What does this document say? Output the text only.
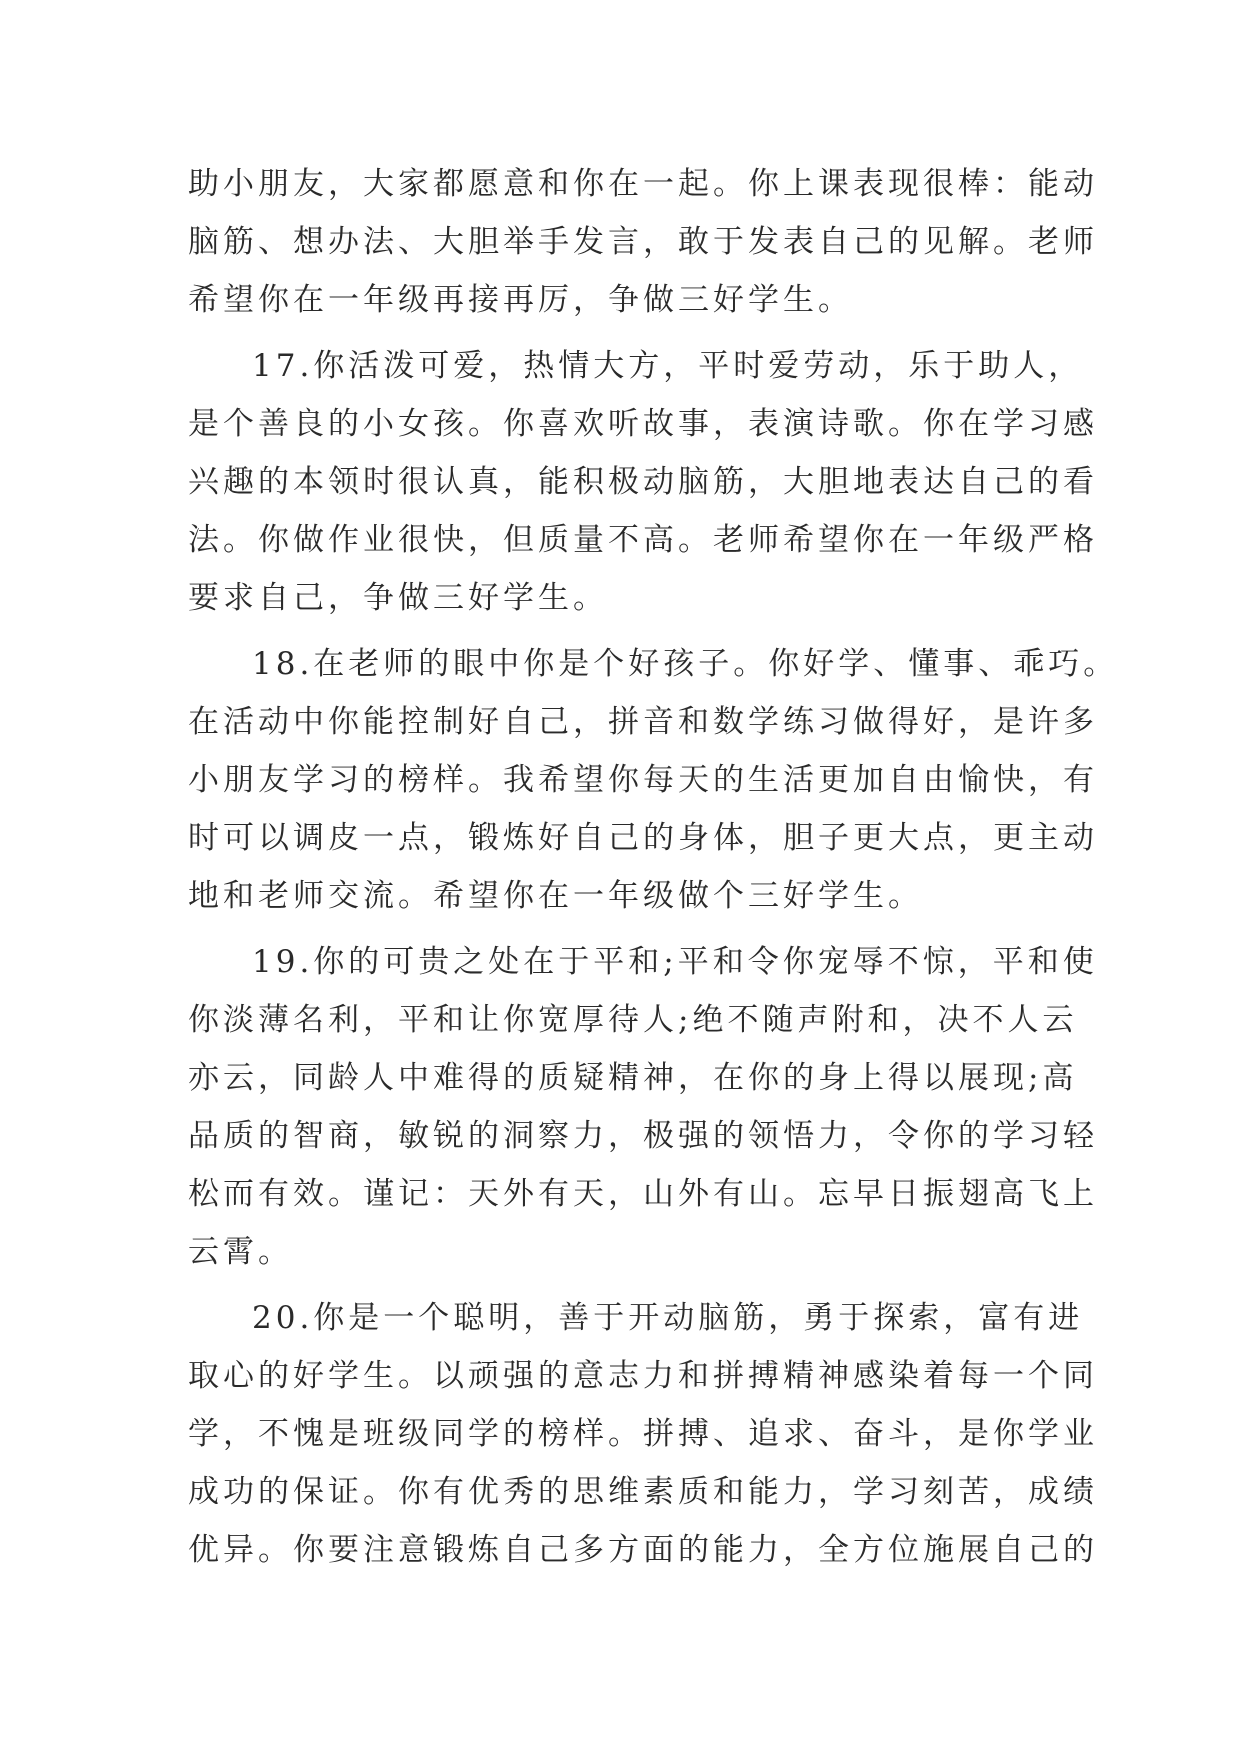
助小朋友，大家都愿意和你在一起。你上课表现很棒：能动
脑筋、想办法、大胆举手发言，敢于发表自己的见解。老师
希望你在一年级再接再厉，争做三好学生。
17.你活泼可爱，热情大方，平时爱劳动，乐于助人，
是个善良的小女孩。你喜欢听故事，表演诗歌。你在学习感
兴趣的本领时很认真，能积极动脑筋，大胆地表达自己的看
法。你做作业很快，但质量不高。老师希望你在一年级严格
要求自己，争做三好学生。
18.在老师的眼中你是个好孩子。你好学、懂事、乖巧。
在活动中你能控制好自己，拼音和数学练习做得好，是许多
小朋友学习的榜样。我希望你每天的生活更加自由愉快，有
时可以调皮一点，锻炼好自己的身体，胆子更大点，更主动
地和老师交流。希望你在一年级做个三好学生。
19.你的可贵之处在于平和;平和令你宠辱不惊，平和使
你淡薄名利，平和让你宽厚待人;绝不随声附和，决不人云
亦云，同龄人中难得的质疑精神，在你的身上得以展现;高
品质的智商，敏锐的洞察力，极强的领悟力，令你的学习轻
松而有效。谨记：天外有天，山外有山。忘早日振翅高飞上
云霄。
20.你是一个聪明，善于开动脑筋，勇于探索，富有进
取心的好学生。以顽强的意志力和拼搏精神感染着每一个同
学，不愧是班级同学的榜样。拼搏、追求、奋斗，是你学业
成功的保证。你有优秀的思维素质和能力，学习刻苦，成绩
优异。你要注意锻炼自己多方面的能力，全方位施展自己的
